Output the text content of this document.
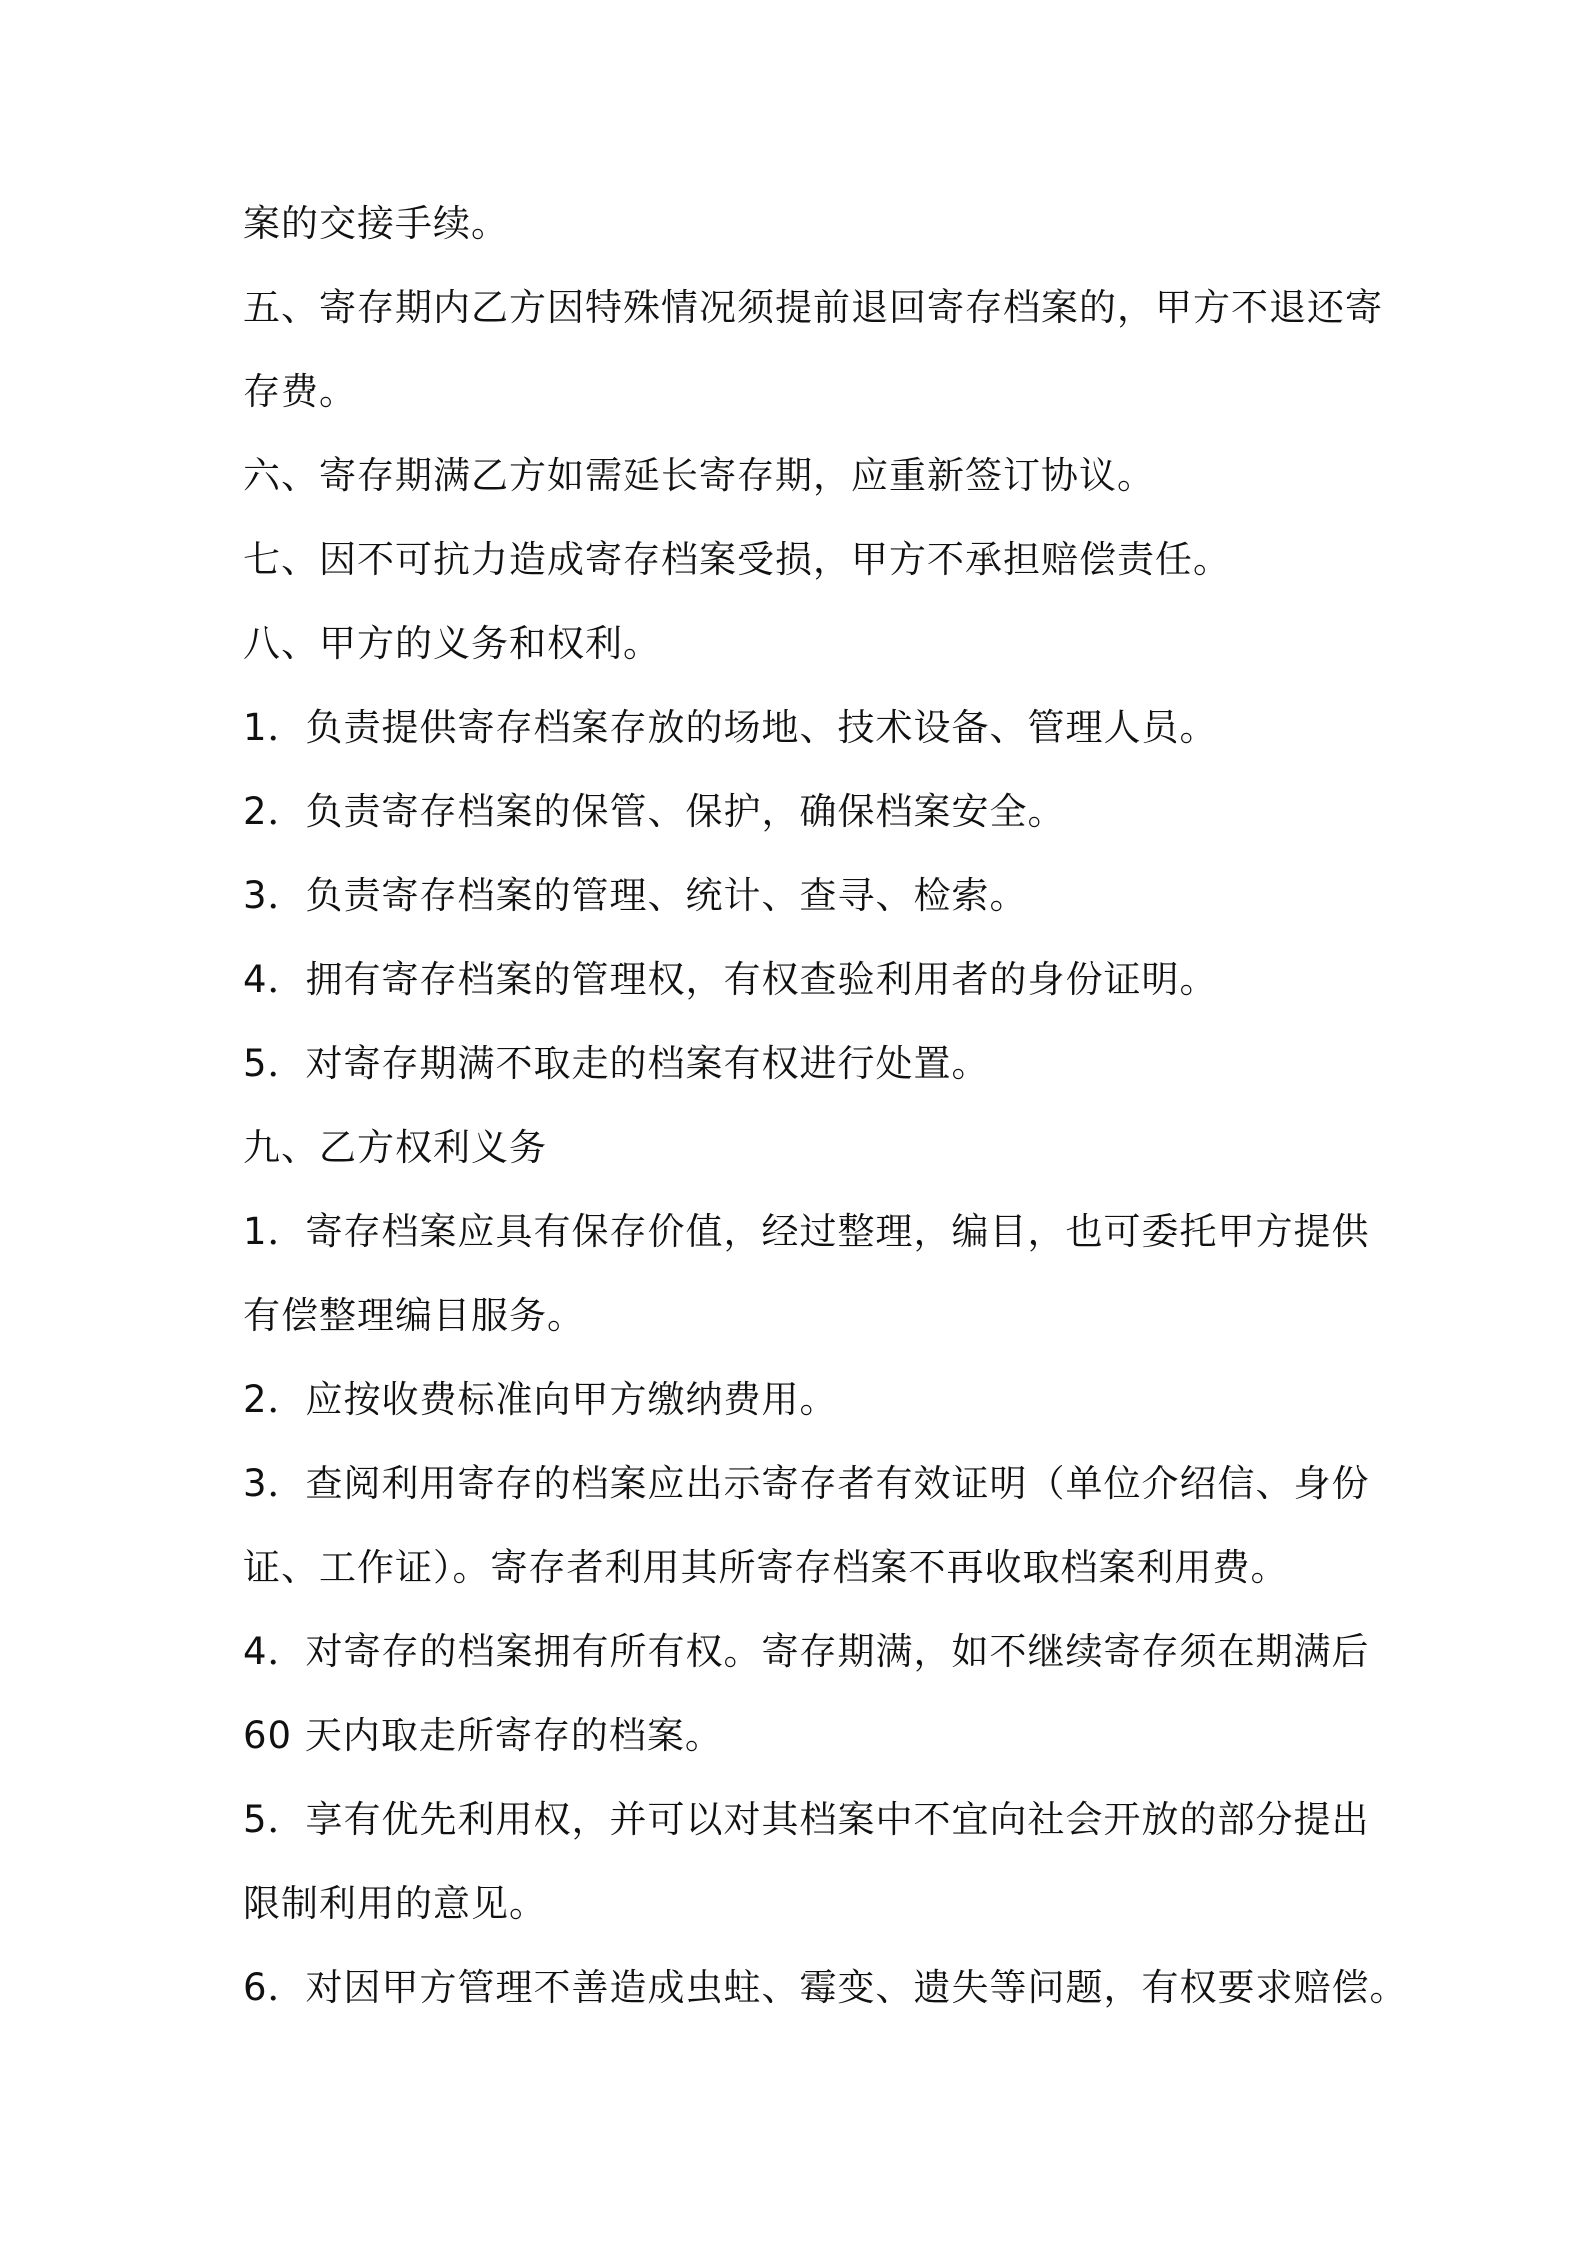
案的交接手续。
五、寄存期内乙方因特殊情况须提前退回寄存档案的，甲方不退还寄
存费。
六、寄存期满乙方如需延长寄存期，应重新签订协议。
七、因不可抗力造成寄存档案受损，甲方不承担赔偿责任。
八、甲方的义务和权利。
1．负责提供寄存档案存放的场地、技术设备、管理人员。
2．负责寄存档案的保管、保护，确保档案安全。
3．负责寄存档案的管理、统计、查寻、检索。
4．拥有寄存档案的管理权，有权查验利用者的身份证明。
5．对寄存期满不取走的档案有权进行处置。
九、乙方权利义务
1．寄存档案应具有保存价值，经过整理，编目，也可委托甲方提供
有偿整理编目服务。
2．应按收费标准向甲方缴纳费用。
3．查阅利用寄存的档案应出示寄存者有效证明（单位介绍信、身份
证、工作证）。寄存者利用其所寄存档案不再收取档案利用费。
4．对寄存的档案拥有所有权。寄存期满，如不继续寄存须在期满后
60 天内取走所寄存的档案。
5．享有优先利用权，并可以对其档案中不宜向社会开放的部分提出
限制利用的意见。
6．对因甲方管理不善造成虫蛀、霉变、遗失等问题，有权要求赔偿。
